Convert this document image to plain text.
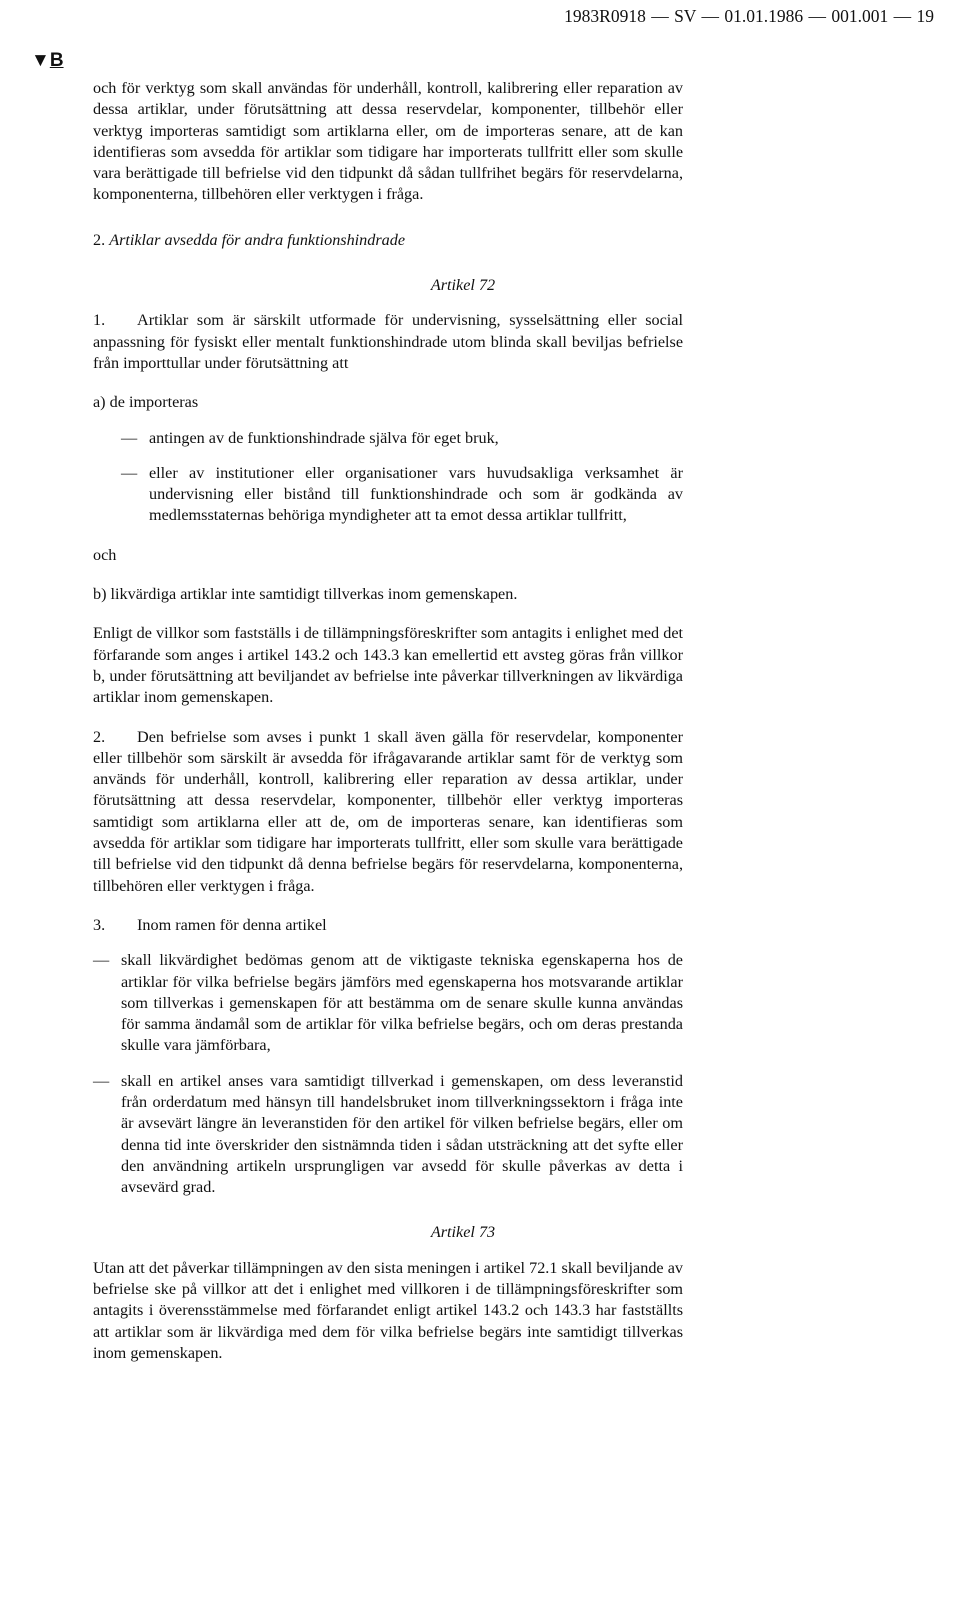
1983R0918 — SV — 01.01.1986 — 001.001 — 19
▼B

och för verktyg som skall användas för underhåll, kontroll, kalibrering eller reparation av dessa artiklar, under förutsättning att dessa reservdelar, komponenter, tillbehör eller verktyg importeras samtidigt som artiklarna eller, om de importeras senare, att de kan identifieras som avsedda för artiklar som tidigare har importerats tullfritt eller som skulle vara berättigade till befrielse vid den tidpunkt då sådan tullfrihet begärs för reservdelarna, komponenterna, tillbehören eller verktygen i fråga.

2. Artiklar avsedda för andra funktionshindrade

Artikel 72

1. Artiklar som är särskilt utformade för undervisning, sysselsättning eller social anpassning för fysiskt eller mentalt funktionshindrade utom blinda skall beviljas befrielse från importtullar under förutsättning att

a) de importeras

— antingen av de funktionshindrade själva för eget bruk,
— eller av institutioner eller organisationer vars huvudsakliga verksamhet är undervisning eller bistånd till funktionshindrade och som är godkända av medlemsstaternas behöriga myndigheter att ta emot dessa artiklar tullfritt,

och

b) likvärdiga artiklar inte samtidigt tillverkas inom gemenskapen.

Enligt de villkor som fastställs i de tillämpningsföreskrifter som antagits i enlighet med det förfarande som anges i artikel 143.2 och 143.3 kan emellertid ett avsteg göras från villkor b, under förutsättning att beviljandet av befrielse inte påverkar tillverkningen av likvärdiga artiklar inom gemenskapen.

2. Den befrielse som avses i punkt 1 skall även gälla för reservdelar, komponenter eller tillbehör som särskilt är avsedda för ifrågavarande artiklar samt för de verktyg som används för underhåll, kontroll, kalibrering eller reparation av dessa artiklar, under förutsättning att dessa reservdelar, komponenter, tillbehör eller verktyg importeras samtidigt som artiklarna eller att de, om de importeras senare, kan identifieras som avsedda för artiklar som tidigare har importerats tullfritt, eller som skulle vara berättigade till befrielse vid den tidpunkt då denna befrielse begärs för reservdelarna, komponenterna, tillbehören eller verktygen i fråga.

3. Inom ramen för denna artikel

— skall likvärdighet bedömas genom att de viktigaste tekniska egenskaperna hos de artiklar för vilka befrielse begärs jämförs med egenskaperna hos motsvarande artiklar som tillverkas i gemenskapen för att bestämma om de senare skulle kunna användas för samma ändamål som de artiklar för vilka befrielse begärs, och om deras prestanda skulle vara jämförbara,
— skall en artikel anses vara samtidigt tillverkad i gemenskapen, om dess leveranstid från orderdatum med hänsyn till handelsbruket inom tillverkningssektorn i fråga inte är avsevärt längre än leveranstiden för den artikel för vilken befrielse begärs, eller om denna tid inte överskrider den sistnämnda tiden i sådan utsträckning att det syfte eller den användning artikeln ursprungligen var avsedd för skulle påverkas av detta i avsevärd grad.

Artikel 73

Utan att det påverkar tillämpningen av den sista meningen i artikel 72.1 skall beviljande av befrielse ske på villkor att det i enlighet med villkoren i de tillämpningsföreskrifter som antagits i överensstämmelse med förfarandet enligt artikel 143.2 och 143.3 har fastställts att artiklar som är likvärdiga med dem för vilka befrielse begärs inte samtidigt tillverkas inom gemenskapen.
